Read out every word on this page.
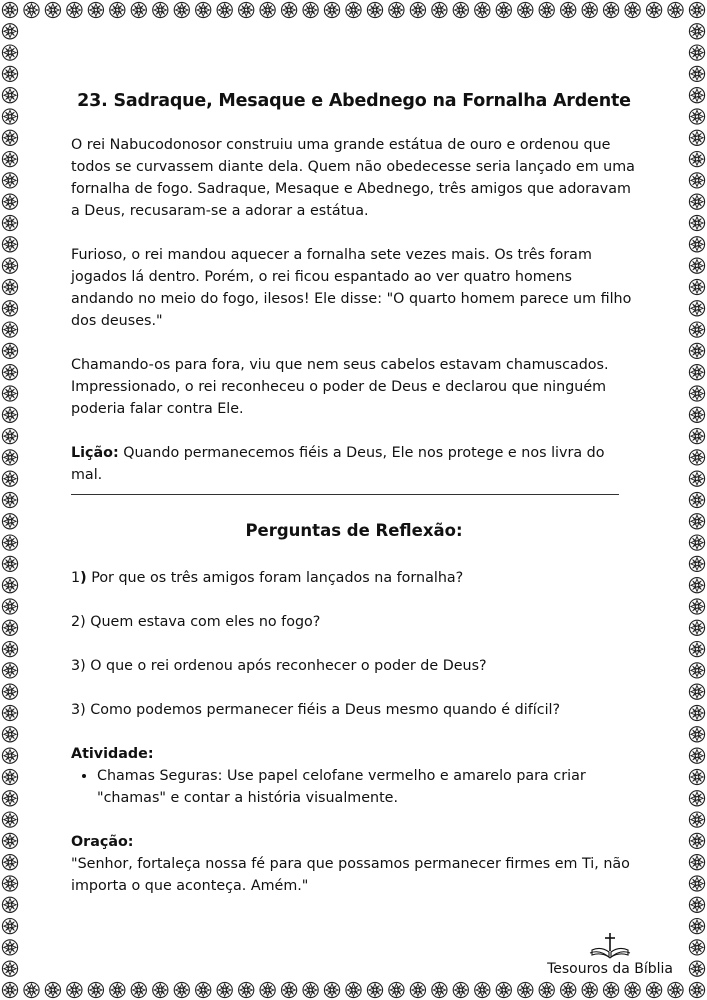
23. Sadraque, Mesaque e Abednego na Fornalha Ardente

O rei Nabucodonosor construiu uma grande estátua de ouro e ordenou que todos se curvassem diante dela. Quem não obedecesse seria lançado em uma fornalha de fogo. Sadraque, Mesaque e Abednego, três amigos que adoravam a Deus, recusaram-se a adorar a estátua.

Furioso, o rei mandou aquecer a fornalha sete vezes mais. Os três foram jogados lá dentro. Porém, o rei ficou espantado ao ver quatro homens andando no meio do fogo, ilesos! Ele disse: "O quarto homem parece um filho dos deuses."

Chamando-os para fora, viu que nem seus cabelos estavam chamuscados. Impressionado, o rei reconheceu o poder de Deus e declarou que ninguém poderia falar contra Ele.

Lição: Quando permanecemos fiéis a Deus, Ele nos protege e nos livra do mal.

Perguntas de Reflexão:

1) Por que os três amigos foram lançados na fornalha?

2) Quem estava com eles no fogo?

3) O que o rei ordenou após reconhecer o poder de Deus?

3) Como podemos permanecer fiéis a Deus mesmo quando é difícil?

Atividade:

• Chamas Seguras: Use papel celofane vermelho e amarelo para criar "chamas" e contar a história visualmente.

Oração:

"Senhor, fortaleça nossa fé para que possamos permanecer firmes em Ti, não importa o que aconteça. Amém."

Tesouros da Bíblia
